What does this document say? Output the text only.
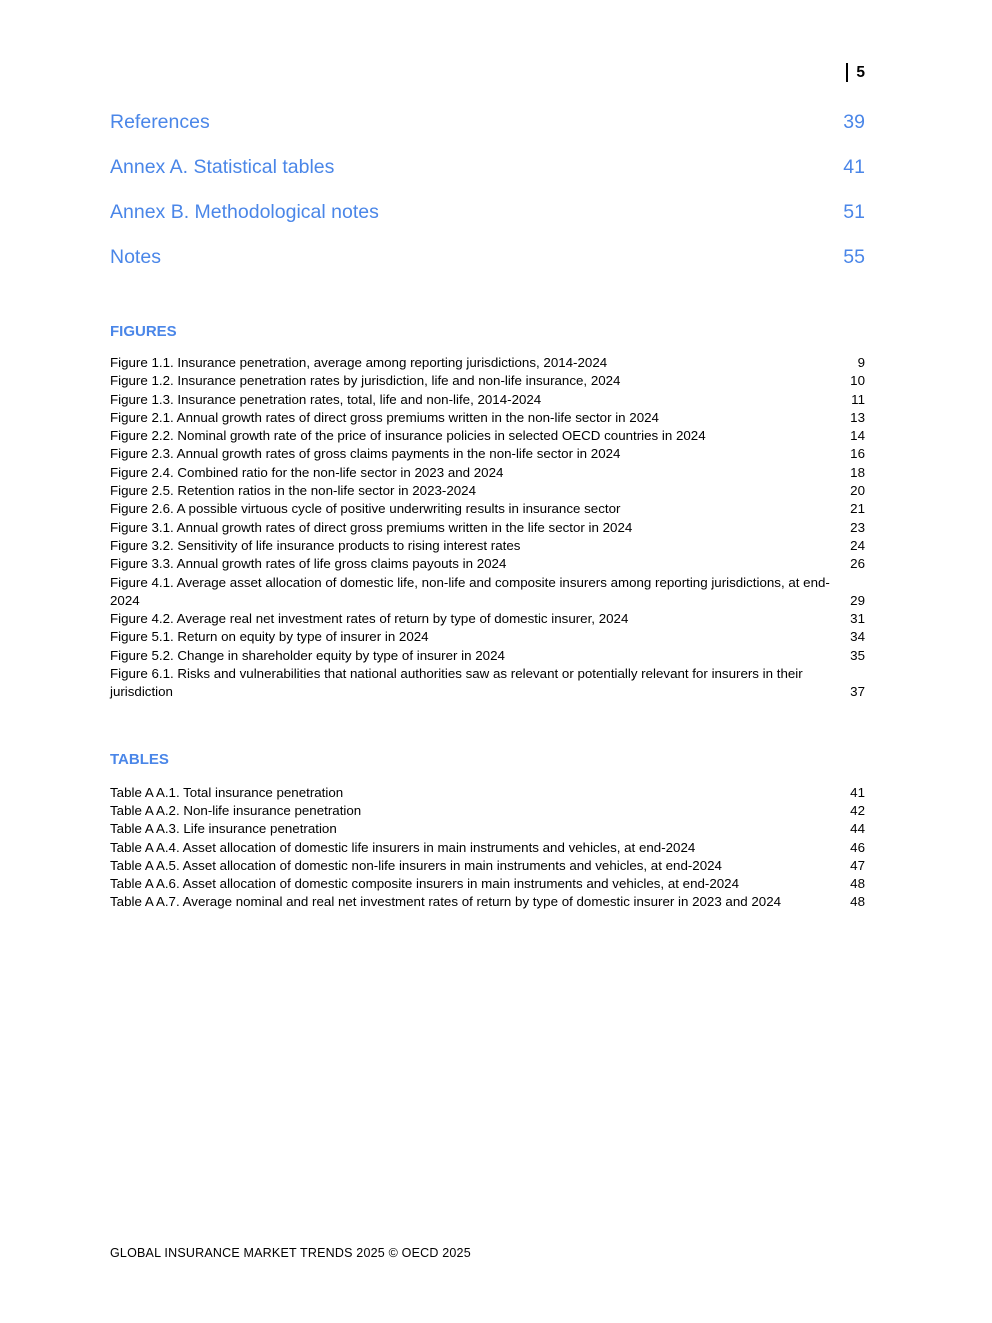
5
References	39
Annex A. Statistical tables	41
Annex B. Methodological notes	51
Notes	55
FIGURES
Figure 1.1. Insurance penetration, average among reporting jurisdictions, 2014-2024	9
Figure 1.2. Insurance penetration rates by jurisdiction, life and non-life insurance, 2024	10
Figure 1.3. Insurance penetration rates, total, life and non-life, 2014-2024	11
Figure 2.1. Annual growth rates of direct gross premiums written in the non-life sector in 2024	13
Figure 2.2. Nominal growth rate of the price of insurance policies in selected OECD countries in 2024	14
Figure 2.3. Annual growth rates of gross claims payments in the non-life sector in 2024	16
Figure 2.4. Combined ratio for the non-life sector in 2023 and 2024	18
Figure 2.5. Retention ratios in the non-life sector in 2023-2024	20
Figure 2.6. A possible virtuous cycle of positive underwriting results in insurance sector	21
Figure 3.1. Annual growth rates of direct gross premiums written in the life sector in 2024	23
Figure 3.2. Sensitivity of life insurance products to rising interest rates	24
Figure 3.3. Annual growth rates of life gross claims payouts in 2024	26
Figure 4.1. Average asset allocation of domestic life, non-life and composite insurers among reporting jurisdictions, at end-2024	29
Figure 4.2. Average real net investment rates of return by type of domestic insurer, 2024	31
Figure 5.1. Return on equity by type of insurer in 2024	34
Figure 5.2. Change in shareholder equity by type of insurer in 2024	35
Figure 6.1. Risks and vulnerabilities that national authorities saw as relevant or potentially relevant for insurers in their jurisdiction	37
TABLES
Table A A.1. Total insurance penetration	41
Table A A.2. Non-life insurance penetration	42
Table A A.3. Life insurance penetration	44
Table A A.4. Asset allocation of domestic life insurers in main instruments and vehicles, at end-2024	46
Table A A.5. Asset allocation of domestic non-life insurers in main instruments and vehicles, at end-2024	47
Table A A.6. Asset allocation of domestic composite insurers in main instruments and vehicles, at end-2024	48
Table A A.7. Average nominal and real net investment rates of return by type of domestic insurer in 2023 and 2024	48
GLOBAL INSURANCE MARKET TRENDS 2025 © OECD 2025
